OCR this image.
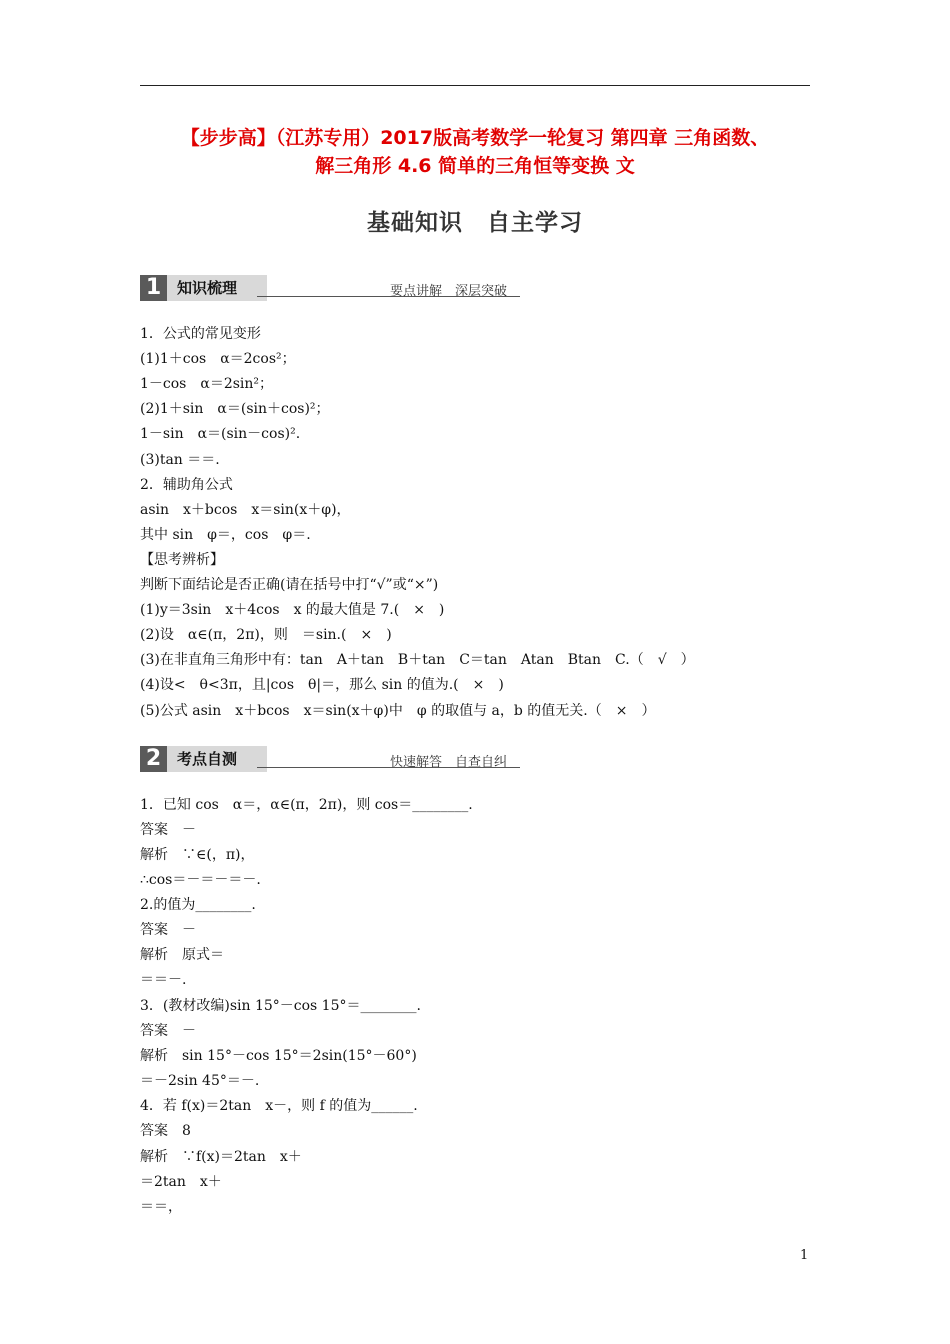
【步步高】（江苏专用）2017版高考数学一轮复习 第四章 三角函数、
解三角形 4.6 简单的三角恒等变换 文
基础知识　自主学习
1	知识梳理	要点讲解　深层突破
1．公式的常见变形
(1)1＋cos　α＝2cos²；
1－cos　α＝2sin²；
(2)1＋sin　α＝(sin＋cos)²；
1－sin　α＝(sin－cos)².
(3)tan ＝＝.
2．辅助角公式
asin　x＋bcos　x＝sin(x＋φ)，
其中 sin　φ＝，cos　φ＝.
【思考辨析】
判断下面结论是否正确(请在括号中打“√”或“×”)
(1)y＝3sin　x＋4cos　x 的最大值是 7.(　×　)
(2)设　α∈(π，2π)，则　＝sin.(　×　)
(3)在非直角三角形中有：tan　A＋tan　B＋tan　C＝tan　Atan　Btan　C.（　√　）
(4)设<　θ<3π，且|cos　θ|＝，那么 sin 的值为.(　×　)
(5)公式 asin　x＋bcos　x＝sin(x＋φ)中　φ 的取值与 a，b 的值无关.（　×　）
2	考点自测	快速解答　自查自纠
1．已知 cos　α＝，α∈(π，2π)，则 cos＝________.
答案　－
解析　∵∈(，π)，
∴cos＝－＝－＝－.
2.的值为________.
答案　－
解析　原式＝
＝＝－.
3．(教材改编)sin 15°－cos 15°＝________.
答案　－
解析　sin 15°－cos 15°＝2sin(15°－60°)
＝－2sin 45°＝－.
4．若 f(x)＝2tan　x－，则 f 的值为______.
答案　8
解析　∵f(x)＝2tan　x＋
＝2tan　x＋
＝＝，
1
